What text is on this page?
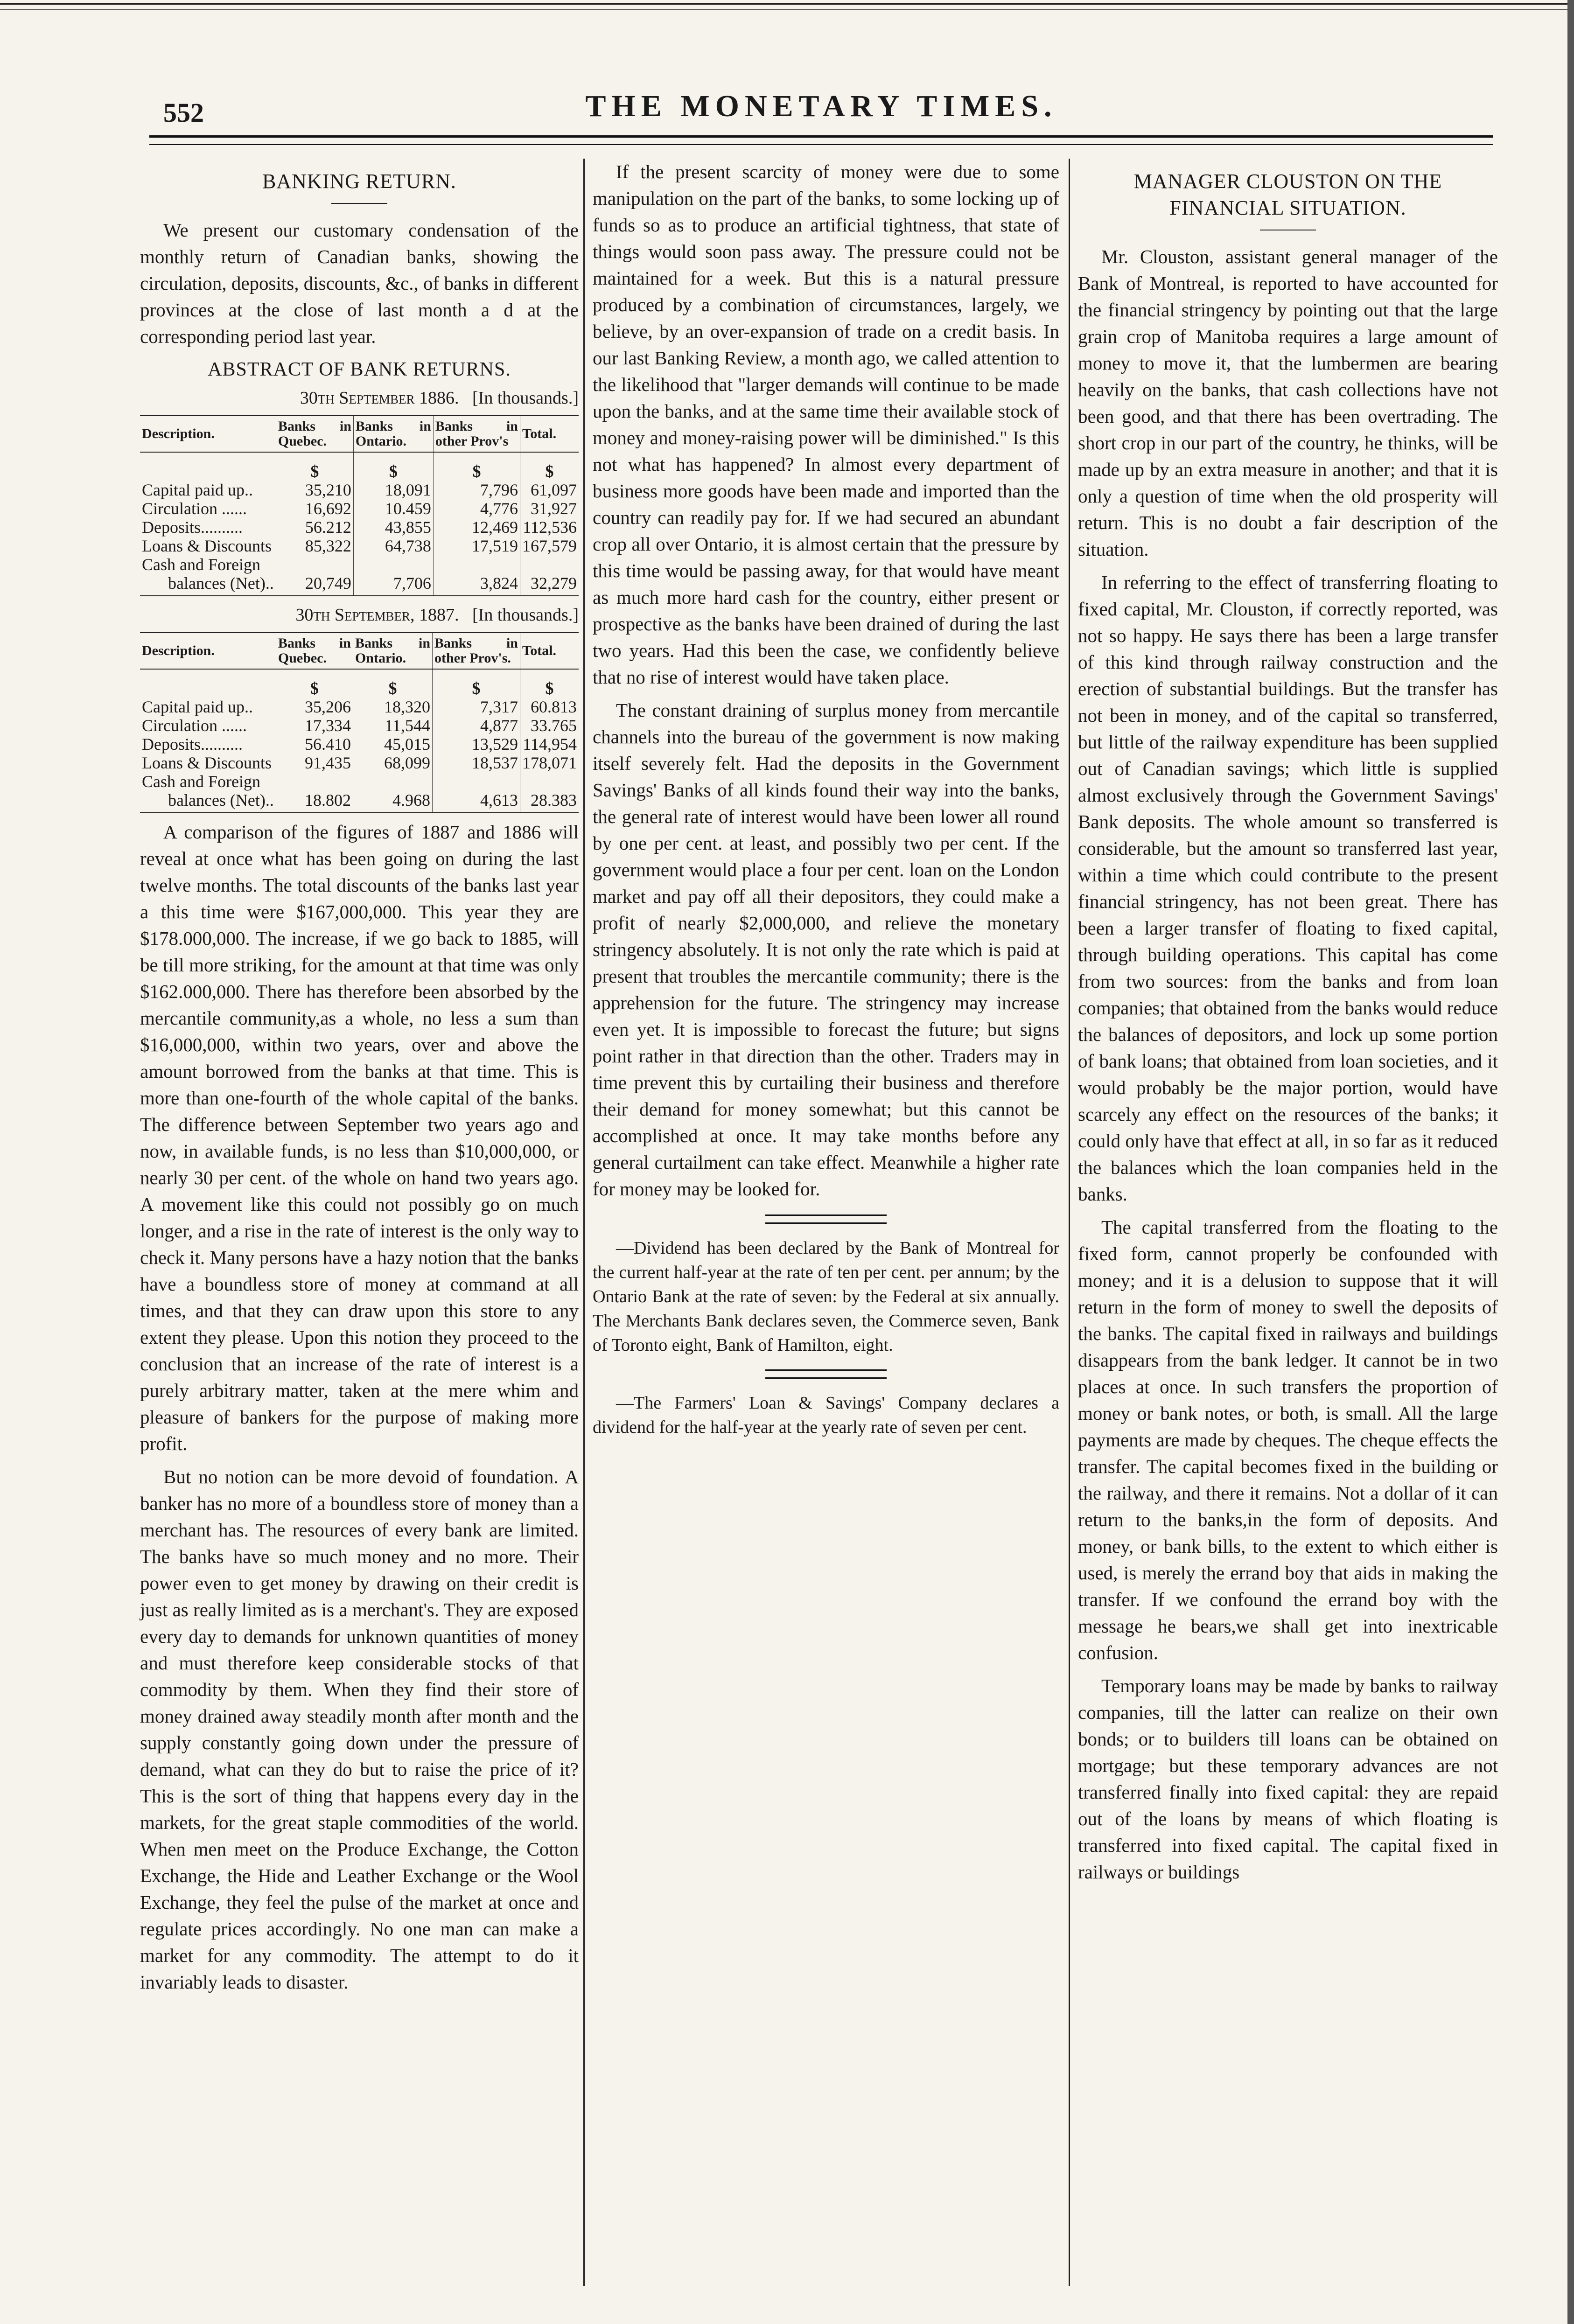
552	THE MONETARY TIMES.
BANKING RETURN.

We present our customary condensation of the monthly return of Canadian banks, showing the circulation, deposits, discounts, &c., of banks in different provinces at the close of last month a d at the corresponding period last year.

ABSTRACT OF BANK RETURNS.
30th September 1886. [In thousands.]
Description.	Banks in Quebec.	Banks in Ontario.	Banks in other Prov's	Total.
	$	$	$	$
Capital paid up..	35,210	18,091	7,796	61,097
Circulation ......	16,692	10.459	4,776	31,927
Deposits..........	56.212	43,855	12,469	112,536
Loans & Discounts	85,322	64,738	17,519	167,579
Cash and Foreign				
balances (Net)..	20,749	7,706	3,824	32,279
30th September, 1887. [In thousands.]
Description.	Banks in Quebec.	Banks in Ontario.	Banks in other Prov's.	Total.
	$	$	$	$
Capital paid up..	35,206	18,320	7,317	60.813
Circulation ......	17,334	11,544	4,877	33.765
Deposits..........	56.410	45,015	13,529	114,954
Loans & Discounts	91,435	68,099	18,537	178,071
Cash and Foreign				
balances (Net)..	18.802	4.968	4,613	28.383

A comparison of the figures of 1887 and 1886 will reveal at once what has been going on during the last twelve months. The total discounts of the banks last year a this time were $167,000,000. This year they are $178.000,000. The increase, if we go back to 1885, will be till more striking, for the amount at that time was only $162.000,000. There has therefore been absorbed by the mercantile community,as a whole, no less a sum than $16,000,000, within two years, over and above the amount borrowed from the banks at that time. This is more than one-fourth of the whole capital of the banks. The difference between September two years ago and now, in available funds, is no less than $10,000,000, or nearly 30 per cent. of the whole on hand two years ago. A movement like this could not possibly go on much longer, and a rise in the rate of interest is the only way to check it. Many persons have a hazy notion that the banks have a boundless store of money at command at all times, and that they can draw upon this store to any extent they please. Upon this notion they proceed to the conclusion that an increase of the rate of interest is a purely arbitrary matter, taken at the mere whim and pleasure of bankers for the purpose of making more profit.

But no notion can be more devoid of foundation. A banker has no more of a boundless store of money than a merchant has. The resources of every bank are limited. The banks have so much money and no more. Their power even to get money by drawing on their credit is just as really limited as is a merchant's. They are exposed every day to demands for unknown quantities of money and must therefore keep considerable stocks of that commodity by them. When they find their store of money drained away steadily month after month and the supply constantly going down under the pressure of demand, what can they do but to raise the price of it? This is the sort of thing that happens every day in the markets, for the great staple commodities of the world. When men meet on the Produce Exchange, the Cotton Exchange, the Hide and Leather Exchange or the Wool Exchange, they feel the pulse of the market at once and regulate prices accordingly. No one man can make a market for any commodity. The attempt to do it invariably leads to disaster.

If the present scarcity of money were due to some manipulation on the part of the banks, to some locking up of funds so as to produce an artificial tightness, that state of things would soon pass away. The pressure could not be maintained for a week. But this is a natural pressure produced by a combination of circumstances, largely, we believe, by an over-expansion of trade on a credit basis. In our last Banking Review, a month ago, we called attention to the likelihood that "larger demands will continue to be made upon the banks, and at the same time their available stock of money and money-raising power will be diminished." Is this not what has happened? In almost every department of business more goods have been made and imported than the country can readily pay for. If we had secured an abundant crop all over Ontario, it is almost certain that the pressure by this time would be passing away, for that would have meant as much more hard cash for the country, either present or prospective as the banks have been drained of during the last two years. Had this been the case, we confidently believe that no rise of interest would have taken place.

The constant draining of surplus money from mercantile channels into the bureau of the government is now making itself severely felt. Had the deposits in the Government Savings' Banks of all kinds found their way into the banks, the general rate of interest would have been lower all round by one per cent. at least, and possibly two per cent. If the government would place a four per cent. loan on the London market and pay off all their depositors, they could make a profit of nearly $2,000,000, and relieve the monetary stringency absolutely. It is not only the rate which is paid at present that troubles the mercantile community; there is the apprehension for the future. The stringency may increase even yet. It is impossible to forecast the future; but signs point rather in that direction than the other. Traders may in time prevent this by curtailing their business and therefore their demand for money somewhat; but this cannot be accomplished at once. It may take months before any general curtailment can take effect. Meanwhile a higher rate for money may be looked for.

—Dividend has been declared by the Bank of Montreal for the current half-year at the rate of ten per cent. per annum; by the Ontario Bank at the rate of seven: by the Federal at six annually. The Merchants Bank declares seven, the Commerce seven, Bank of Toronto eight, Bank of Hamilton, eight.

—The Farmers' Loan & Savings' Company declares a dividend for the half-year at the yearly rate of seven per cent.

MANAGER CLOUSTON ON THE FINANCIAL SITUATION.

Mr. Clouston, assistant general manager of the Bank of Montreal, is reported to have accounted for the financial stringency by pointing out that the large grain crop of Manitoba requires a large amount of money to move it, that the lumbermen are bearing heavily on the banks, that cash collections have not been good, and that there has been overtrading. The short crop in our part of the country, he thinks, will be made up by an extra measure in another; and that it is only a question of time when the old prosperity will return. This is no doubt a fair description of the situation.

In referring to the effect of transferring floating to fixed capital, Mr. Clouston, if correctly reported, was not so happy. He says there has been a large transfer of this kind through railway construction and the erection of substantial buildings. But the transfer has not been in money, and of the capital so transferred, but little of the railway expenditure has been supplied out of Canadian savings; which little is supplied almost exclusively through the Government Savings' Bank deposits. The whole amount so transferred is considerable, but the amount so transferred last year, within a time which could contribute to the present financial stringency, has not been great. There has been a larger transfer of floating to fixed capital, through building operations. This capital has come from two sources: from the banks and from loan companies; that obtained from the banks would reduce the balances of depositors, and lock up some portion of bank loans; that obtained from loan societies, and it would probably be the major portion, would have scarcely any effect on the resources of the banks; it could only have that effect at all, in so far as it reduced the balances which the loan companies held in the banks.

The capital transferred from the floating to the fixed form, cannot properly be confounded with money; and it is a delusion to suppose that it will return in the form of money to swell the deposits of the banks. The capital fixed in railways and buildings disappears from the bank ledger. It cannot be in two places at once. In such transfers the proportion of money or bank notes, or both, is small. All the large payments are made by cheques. The cheque effects the transfer. The capital becomes fixed in the building or the railway, and there it remains. Not a dollar of it can return to the banks,in the form of deposits. And money, or bank bills, to the extent to which either is used, is merely the errand boy that aids in making the transfer. If we confound the errand boy with the message he bears,we shall get into inextricable confusion.

Temporary loans may be made by banks to railway companies, till the latter can realize on their own bonds; or to builders till loans can be obtained on mortgage; but these temporary advances are not transferred finally into fixed capital: they are repaid out of the loans by means of which floating is transferred into fixed capital. The capital fixed in railways or buildings
